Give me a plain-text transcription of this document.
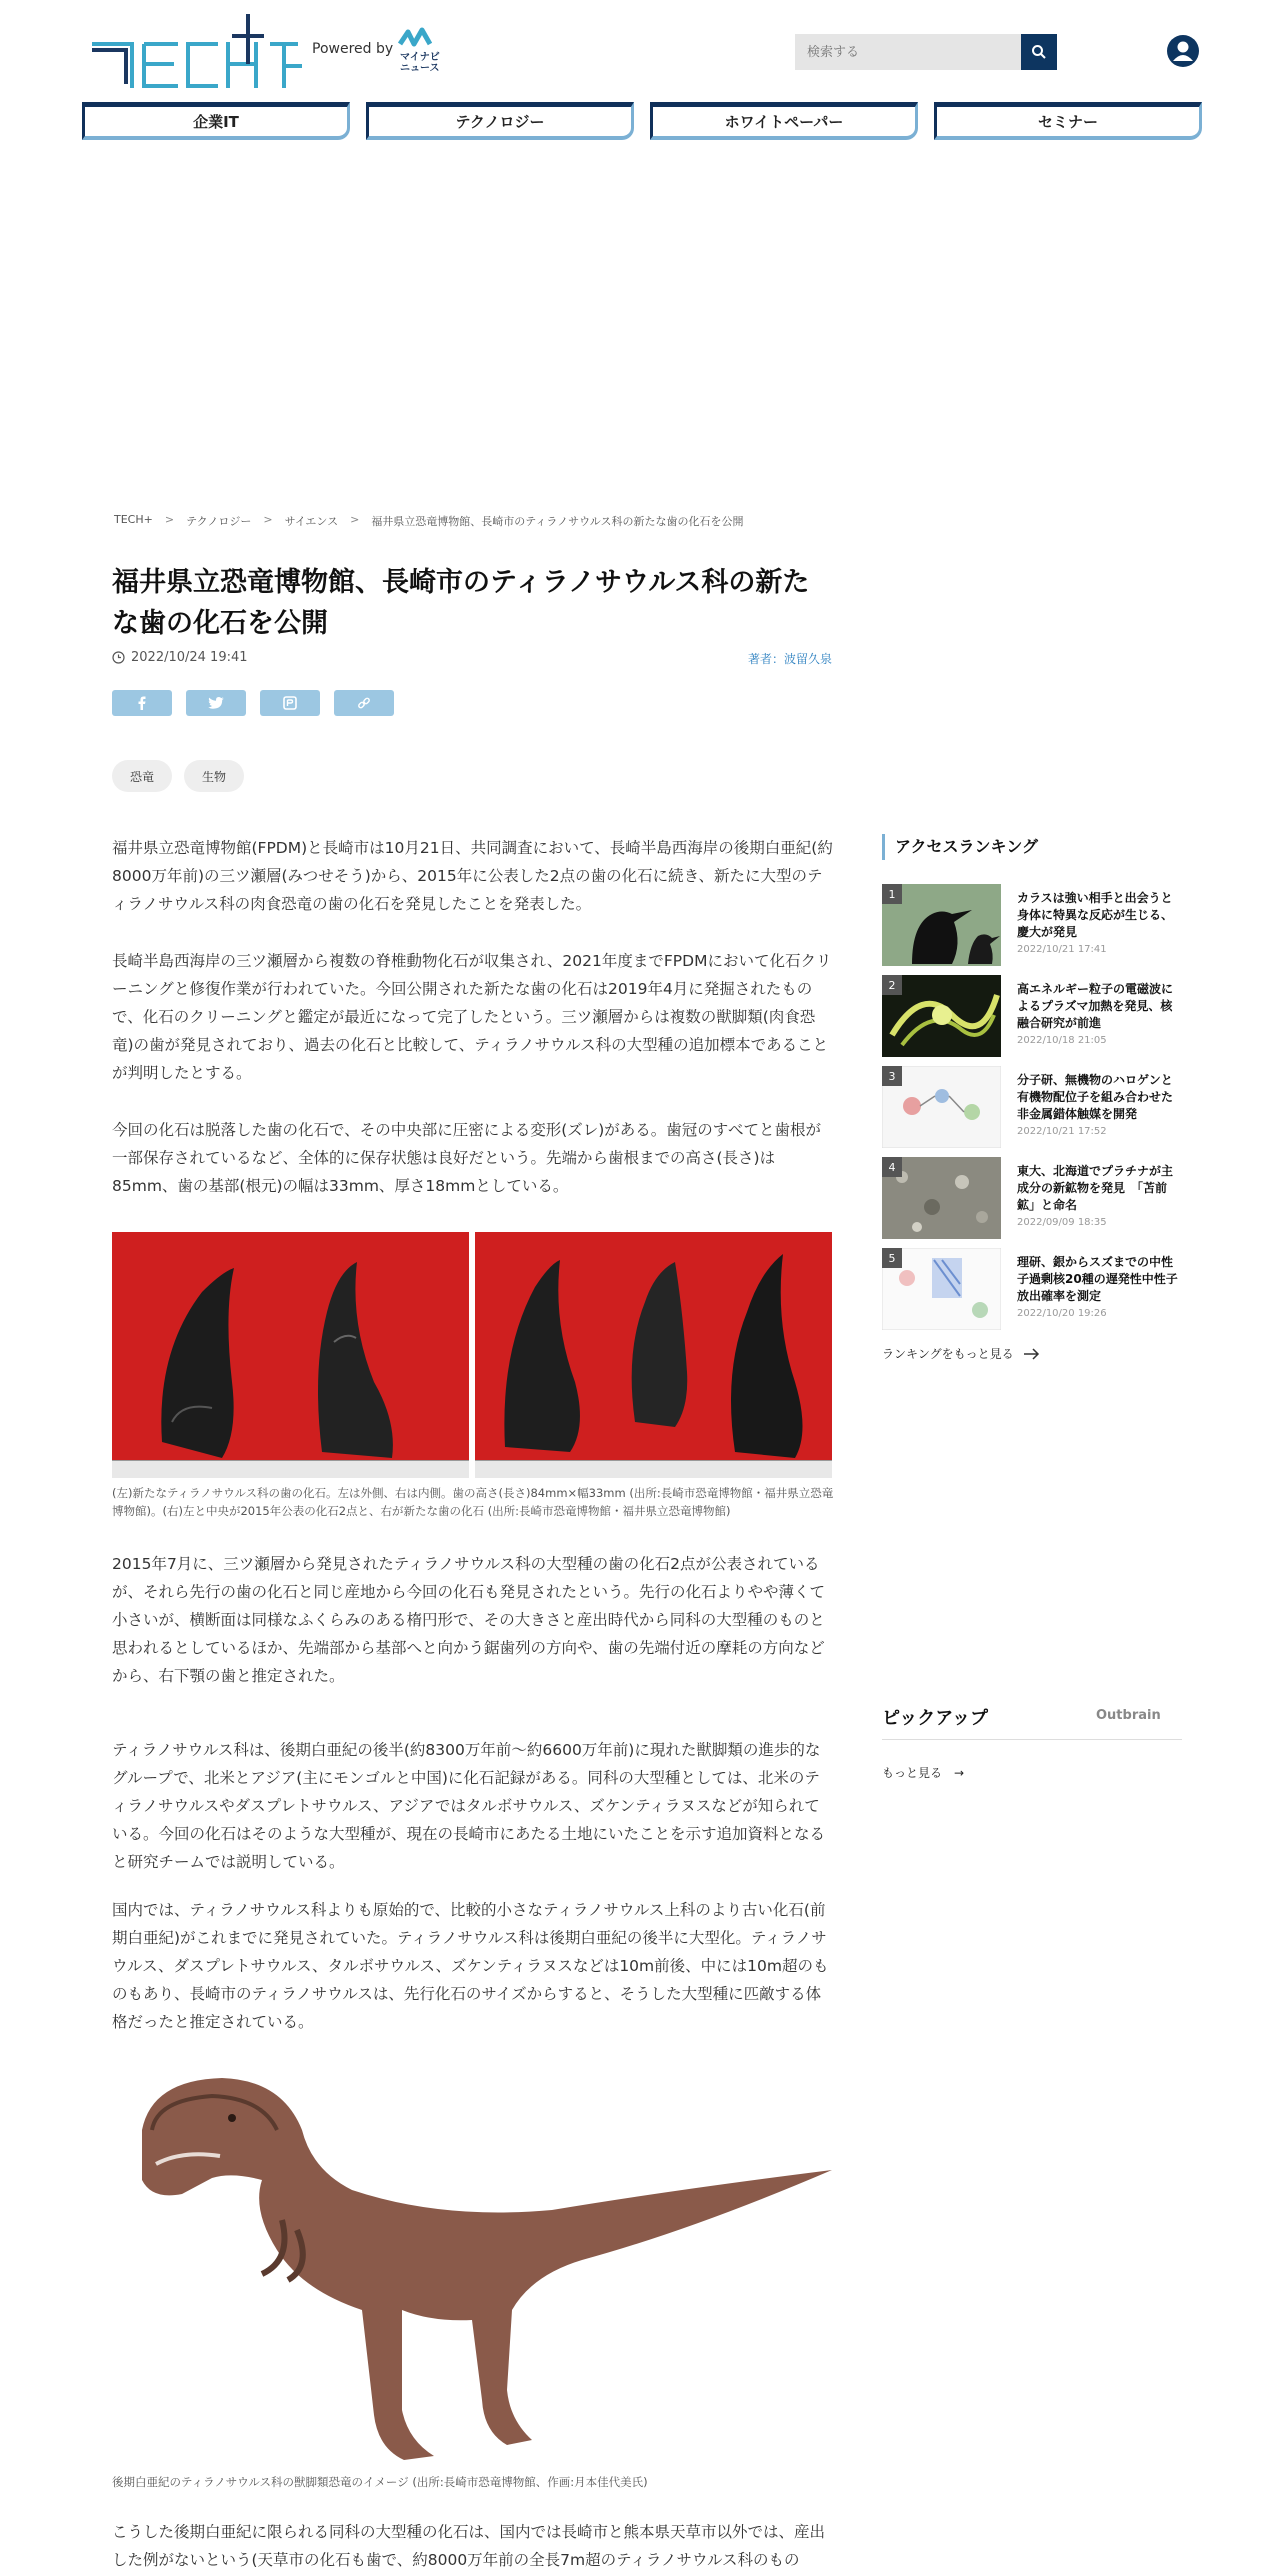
Powered by
マイナビ
ニュース
検索する
企業IT	テクノロジー	ホワイトペーパー	セミナー
TECH+ > テクノロジー > サイエンス > 福井県立恐竜博物館、長崎市のティラノサウルス科の新たな歯の化石を公開
福井県立恐竜博物館、長崎市のティラノサウルス科の新たな歯の化石を公開
2022/10/24 19:41	著者：波留久泉
恐竜	生物

福井県立恐竜博物館(FPDM)と長崎市は10月21日、共同調査において、長崎半島西海岸の後期白亜紀(約8000万年前)の三ツ瀬層(みつせそう)から、2015年に公表した2点の歯の化石に続き、新たに大型のティラノサウルス科の肉食恐竜の歯の化石を発見したことを発表した。

長崎半島西海岸の三ツ瀬層から複数の脊椎動物化石が収集され、2021年度までFPDMにおいて化石クリーニングと修復作業が行われていた。今回公開された新たな歯の化石は2019年4月に発掘されたもので、化石のクリーニングと鑑定が最近になって完了したという。三ツ瀬層からは複数の獣脚類(肉食恐竜)の歯が発見されており、過去の化石と比較して、ティラノサウルス科の大型種の追加標本であることが判明したとする。

今回の化石は脱落した歯の化石で、その中央部に圧密による変形(ズレ)がある。歯冠のすべてと歯根が一部保存されているなど、全体的に保存状態は良好だという。先端から歯根までの高さ(長さ)は85mm、歯の基部(根元)の幅は33mm、厚さ18mmとしている。

(左)新たなティラノサウルス科の歯の化石。左は外側、右は内側。歯の高さ(長さ)84mm×幅33mm (出所:長崎市恐竜博物館・福井県立恐竜博物館)。(右)左と中央が2015年公表の化石2点と、右が新たな歯の化石 (出所:長崎市恐竜博物館・福井県立恐竜博物館)

2015年7月に、三ツ瀬層から発見されたティラノサウルス科の大型種の歯の化石2点が公表されているが、それら先行の歯の化石と同じ産地から今回の化石も発見されたという。先行の化石よりやや薄くて小さいが、横断面は同様なふくらみのある楕円形で、その大きさと産出時代から同科の大型種のものと思われるとしているほか、先端部から基部へと向かう鋸歯列の方向や、歯の先端付近の摩耗の方向などから、右下顎の歯と推定された。

ティラノサウルス科は、後期白亜紀の後半(約8300万年前～約6600万年前)に現れた獣脚類の進歩的なグループで、北米とアジア(主にモンゴルと中国)に化石記録がある。同科の大型種としては、北米のティラノサウルスやダスプレトサウルス、アジアではタルボサウルス、ズケンティラヌスなどが知られている。今回の化石はそのような大型種が、現在の長崎市にあたる土地にいたことを示す追加資料となると研究チームでは説明している。

国内では、ティラノサウルス科よりも原始的で、比較的小さなティラノサウルス上科のより古い化石(前期白亜紀)がこれまでに発見されていた。ティラノサウルス科は後期白亜紀の後半に大型化。ティラノサウルス、ダスプレトサウルス、タルボサウルス、ズケンティラヌスなどは10m前後、中には10m超のものもあり、長崎市のティラノサウルスは、先行化石のサイズからすると、そうした大型種に匹敵する体格だったと推定されている。

後期白亜紀のティラノサウルス科の獣脚類恐竜のイメージ (出所:長崎市恐竜博物館、作画:月本佳代美氏)

こうした後期白亜紀に限られる同科の大型種の化石は、国内では長崎市と熊本県天草市以外では、産出した例がないという(天草市の化石も歯で、約8000万年前の全長7m超のティラノサウルス科のもの

アクセスランキング
1	カラスは強い相手と出会うと身体に特異な反応が生じる、慶大が発見
2022/10/21 17:41
2	高エネルギー粒子の電磁波によるプラズマ加熱を発見、核融合研究が前進
2022/10/18 21:05
3	分子研、無機物のハロゲンと有機物配位子を組み合わせた非金属錯体触媒を開発
2022/10/21 17:52
4	東大、北海道でプラチナが主成分の新鉱物を発見　「苫前鉱」と命名
2022/09/09 18:35
5	理研、銀からスズまでの中性子過剰核20種の遅発性中性子放出確率を測定
2022/10/20 19:26
ランキングをもっと見る
ピックアップ	Outbrain
もっと見る　→
